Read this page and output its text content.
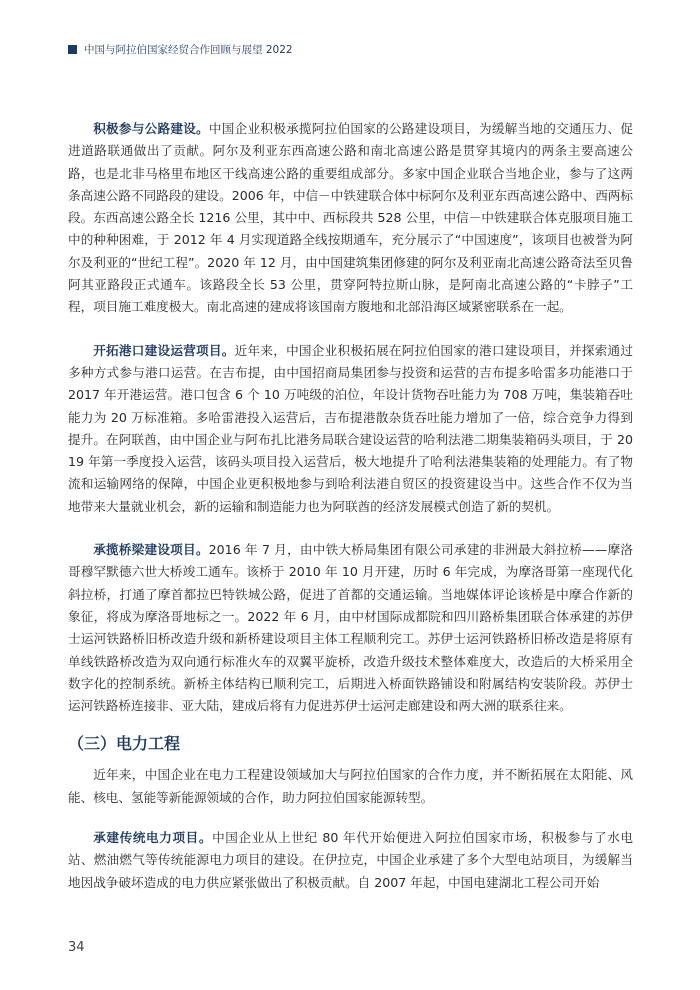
中国与阿拉伯国家经贸合作回顾与展望 2022

积极参与公路建设。中国企业积极承揽阿拉伯国家的公路建设项目，为缓解当地的交通压力、促进道路联通做出了贡献。阿尔及利亚东西高速公路和南北高速公路是贯穿其境内的两条主要高速公路，也是北非马格里布地区干线高速公路的重要组成部分。多家中国企业联合当地企业，参与了这两条高速公路不同路段的建设。2006 年，中信－中铁建联合体中标阿尔及利亚东西高速公路中、西两标段。东西高速公路全长 1216 公里，其中中、西标段共 528 公里，中信－中铁建联合体克服项目施工中的种种困难，于 2012 年 4 月实现道路全线按期通车，充分展示了“中国速度”，该项目也被誉为阿尔及利亚的“世纪工程”。2020 年 12 月，由中国建筑集团修建的阿尔及利亚南北高速公路奇法至贝鲁阿其亚路段正式通车。该路段全长 53 公里，贯穿阿特拉斯山脉，是阿南北高速公路的“卡脖子”工程，项目施工难度极大。南北高速的建成将该国南方腹地和北部沿海区域紧密联系在一起。

开拓港口建设运营项目。近年来，中国企业积极拓展在阿拉伯国家的港口建设项目，并探索通过多种方式参与港口运营。在吉布提，由中国招商局集团参与投资和运营的吉布提多哈雷多功能港口于 2017 年开港运营。港口包含 6 个 10 万吨级的泊位，年设计货物吞吐能力为 708 万吨，集装箱吞吐能力为 20 万标准箱。多哈雷港投入运营后，吉布提港散杂货吞吐能力增加了一倍，综合竞争力得到提升。在阿联酋，由中国企业与阿布扎比港务局联合建设运营的哈利法港二期集装箱码头项目，于 2019 年第一季度投入运营，该码头项目投入运营后，极大地提升了哈利法港集装箱的处理能力。有了物流和运输网络的保障，中国企业更积极地参与到哈利法港自贸区的投资建设当中。这些合作不仅为当地带来大量就业机会，新的运输和制造能力也为阿联酋的经济发展模式创造了新的契机。

承揽桥梁建设项目。2016 年 7 月，由中铁大桥局集团有限公司承建的非洲最大斜拉桥——摩洛哥穆罕默德六世大桥竣工通车。该桥于 2010 年 10 月开建，历时 6 年完成，为摩洛哥第一座现代化斜拉桥，打通了摩首都拉巴特铁城公路，促进了首都的交通运输。当地媒体评论该桥是中摩合作新的象征，将成为摩洛哥地标之一。2022 年 6 月，由中材国际成都院和四川路桥集团联合体承建的苏伊士运河铁路桥旧桥改造升级和新桥建设项目主体工程顺利完工。苏伊士运河铁路桥旧桥改造是将原有单线铁路桥改造为双向通行标准火车的双翼平旋桥，改造升级技术整体难度大，改造后的大桥采用全数字化的控制系统。新桥主体结构已顺利完工，后期进入桥面铁路铺设和附属结构安装阶段。苏伊士运河铁路桥连接非、亚大陆，建成后将有力促进苏伊士运河走廊建设和两大洲的联系往来。

（三）电力工程

近年来，中国企业在电力工程建设领域加大与阿拉伯国家的合作力度，并不断拓展在太阳能、风能、核电、氢能等新能源领域的合作，助力阿拉伯国家能源转型。

承建传统电力项目。中国企业从上世纪 80 年代开始便进入阿拉伯国家市场，积极参与了水电站、燃油燃气等传统能源电力项目的建设。在伊拉克，中国企业承建了多个大型电站项目，为缓解当地因战争破坏造成的电力供应紧张做出了积极贡献。自 2007 年起，中国电建湖北工程公司开始

34
